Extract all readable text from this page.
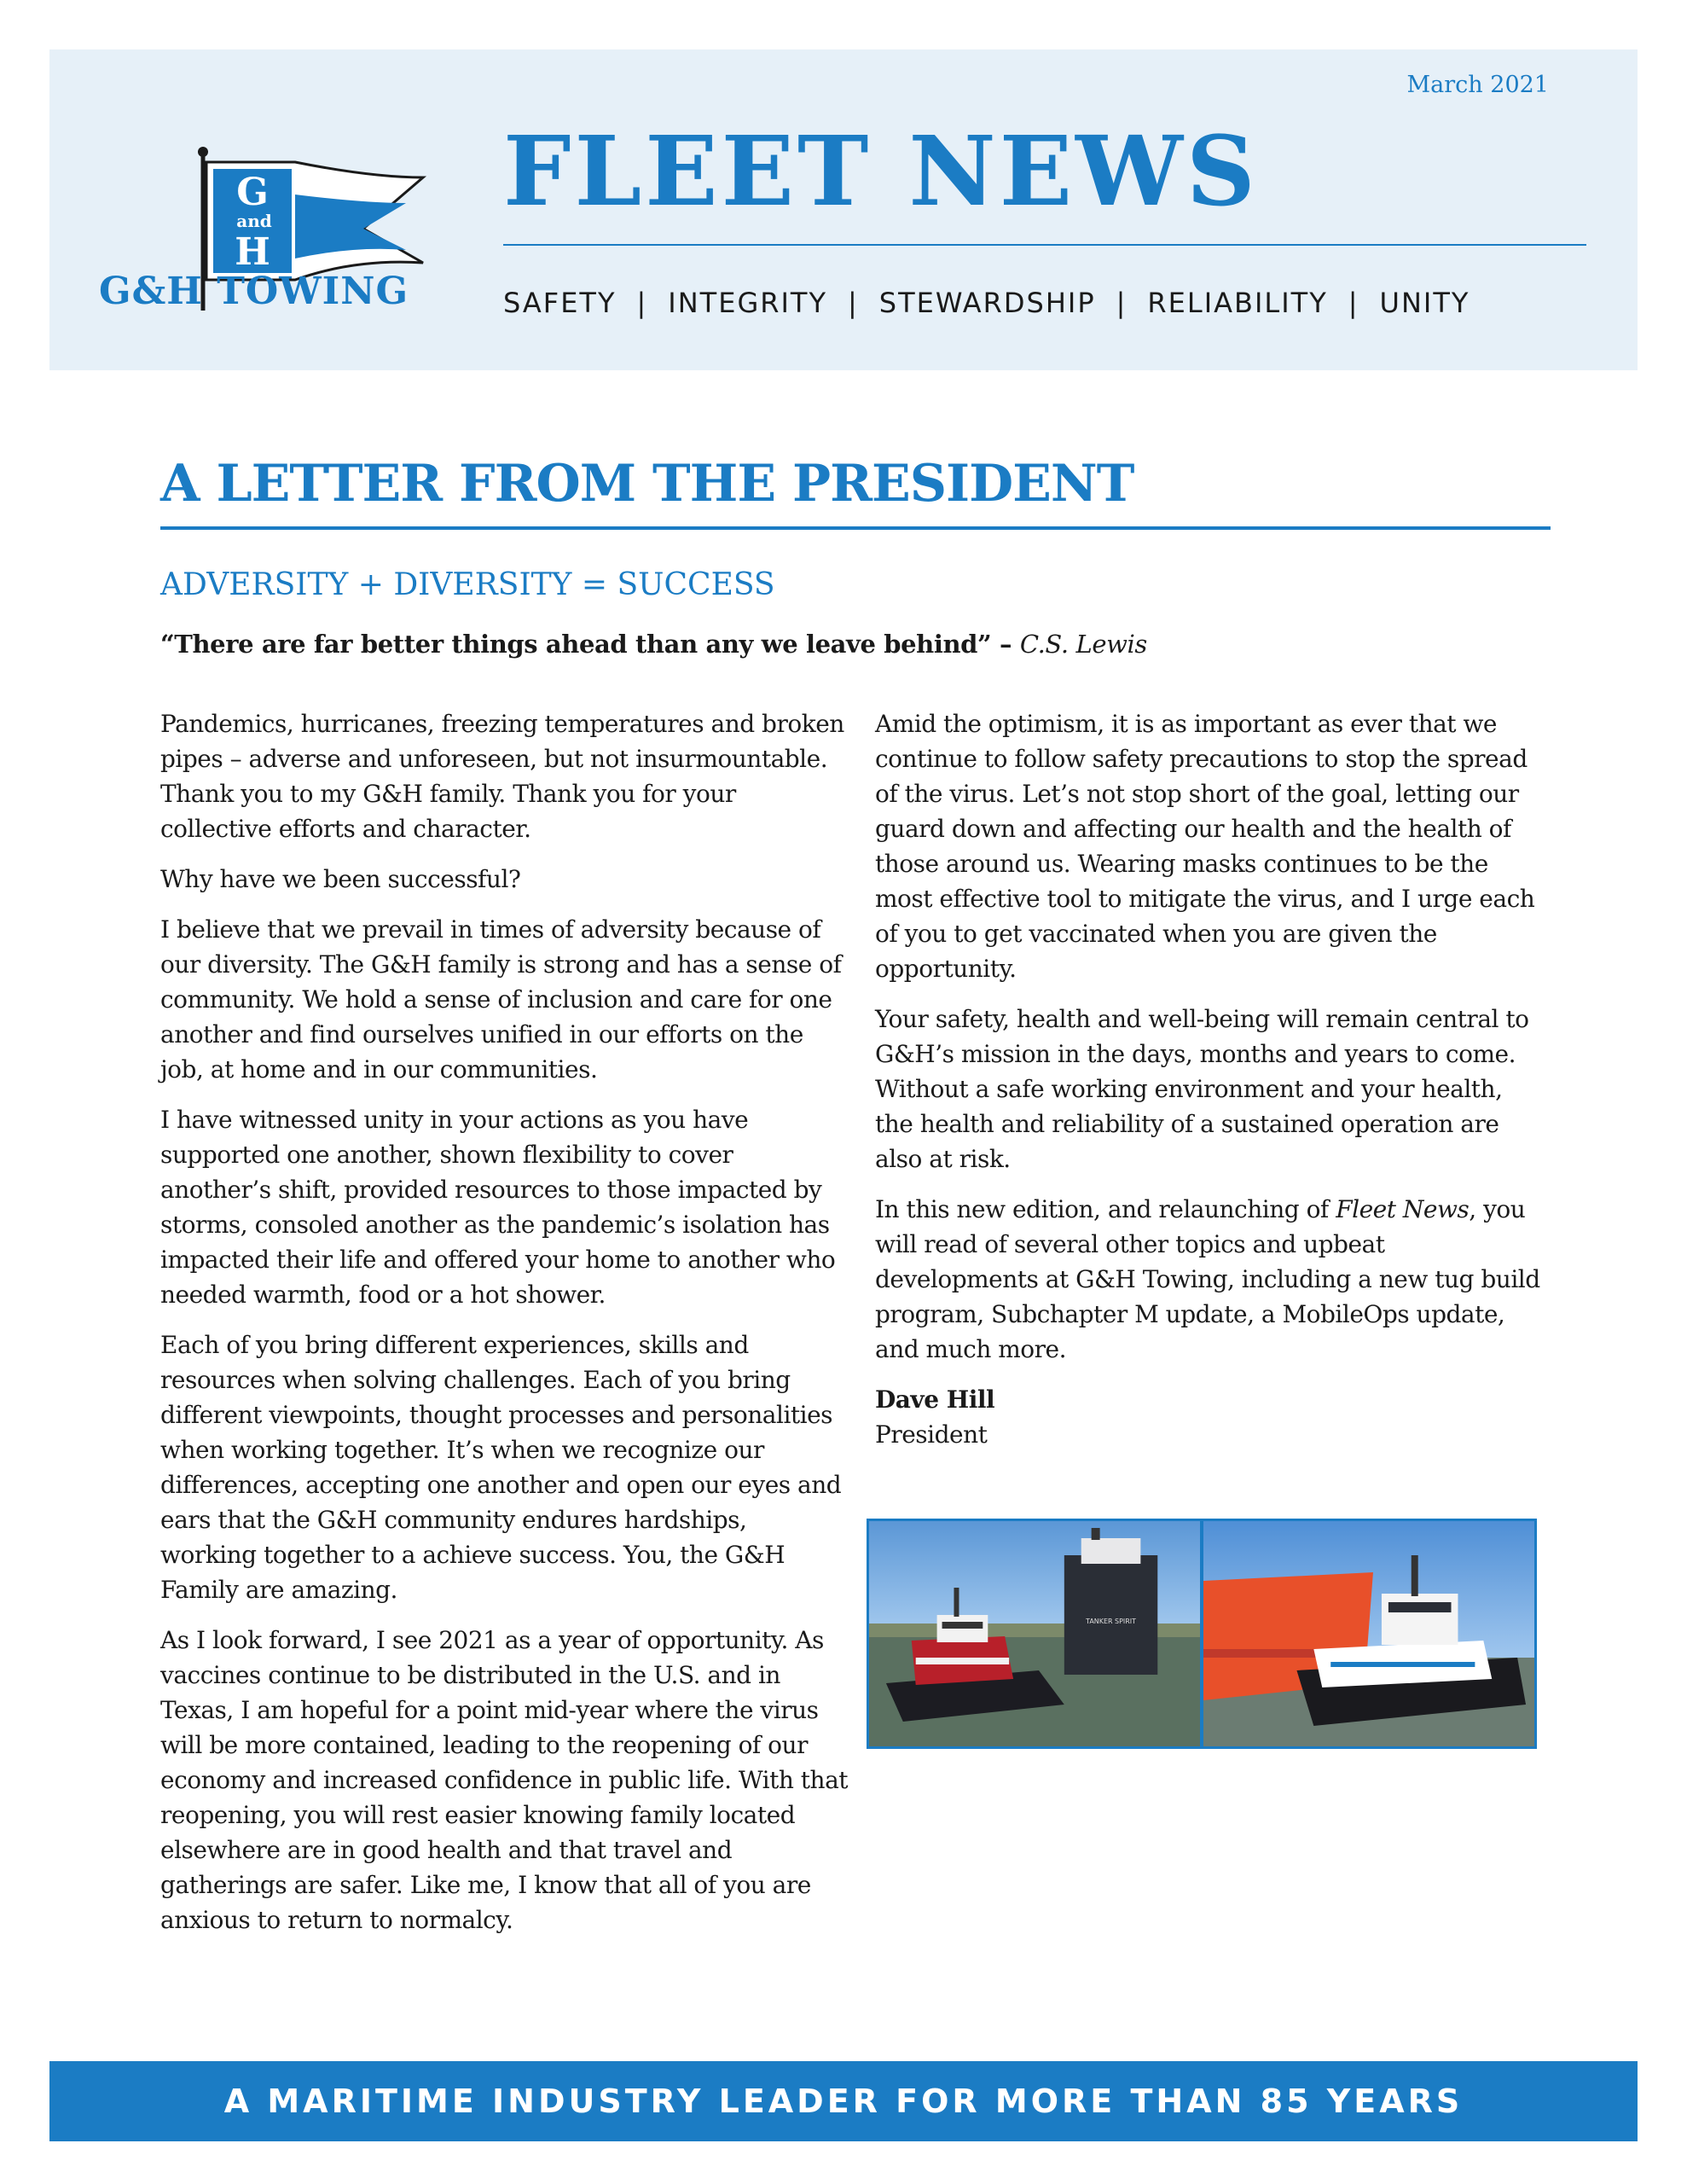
G
and
H
G&H TOWING
March 2021
FLEET NEWS
SAFETY | INTEGRITY | STEWARDSHIP | RELIABILITY | UNITY
A LETTER FROM THE PRESIDENT
ADVERSITY + DIVERSITY = SUCCESS
“There are far better things ahead than any we leave behind” – C.S. Lewis

Pandemics, hurricanes, freezing temperatures and broken pipes – adverse and unforeseen, but not insurmountable. Thank you to my G&H family. Thank you for your collective efforts and character.

Why have we been successful?

I believe that we prevail in times of adversity because of our diversity. The G&H family is strong and has a sense of community. We hold a sense of inclusion and care for one another and find ourselves unified in our efforts on the job, at home and in our communities.

I have witnessed unity in your actions as you have supported one another, shown flexibility to cover another’s shift, provided resources to those impacted by storms, consoled another as the pandemic’s isolation has impacted their life and offered your home to another who needed warmth, food or a hot shower.

Each of you bring different experiences, skills and resources when solving challenges. Each of you bring different viewpoints, thought processes and personalities when working together. It’s when we recognize our differences, accepting one another and open our eyes and ears that the G&H community endures hardships, working together to a achieve success. You, the G&H Family are amazing.

As I look forward, I see 2021 as a year of opportunity. As vaccines continue to be distributed in the U.S. and in Texas, I am hopeful for a point mid-year where the virus will be more contained, leading to the reopening of our economy and increased confidence in public life. With that reopening, you will rest easier knowing family located elsewhere are in good health and that travel and gatherings are safer. Like me, I know that all of you are anxious to return to normalcy.

Amid the optimism, it is as important as ever that we continue to follow safety precautions to stop the spread of the virus. Let’s not stop short of the goal, letting our guard down and affecting our health and the health of those around us. Wearing masks continues to be the most effective tool to mitigate the virus, and I urge each of you to get vaccinated when you are given the opportunity.

Your safety, health and well-being will remain central to G&H’s mission in the days, months and years to come. Without a safe working environment and your health, the health and reliability of a sustained operation are also at risk.

In this new edition, and relaunching of Fleet News, you will read of several other topics and upbeat developments at G&H Towing, including a new tug build program, Subchapter M update, a MobileOps update, and much more.

Dave Hill

President

TANKER SPIRIT
A MARITIME INDUSTRY LEADER FOR MORE THAN 85 YEARS
